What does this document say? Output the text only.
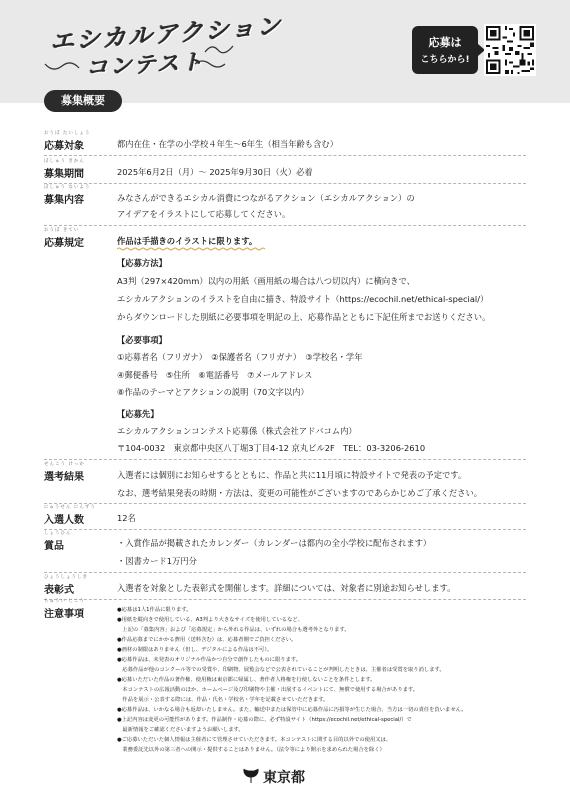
エシカルアクション
コンテスト
応募は
こちらから!
募集概要
おうぼ たいしょう
応募対象	都内在住・在学の小学校４年生～6年生（相当年齢も含む）
ぼしゅう きかん
募集期間	2025年6月2日（月）～ 2025年9月30日（火）必着
ぼしゅう ないよう
募集内容	みなさんができるエシカル消費につながるアクション（エシカルアクション）の
アイデアをイラストにして応募してください。
おうぼ きてい
応募規定	作品は手描きのイラストに限ります。
【応募方法】
A3判（297×420mm）以内の用紙（画用紙の場合は八つ切以内）に横向きで、
エシカルアクションのイラストを自由に描き、特設サイト（https://ecochil.net/ethical-special/）
からダウンロードした別紙に必要事項を明記の上、応募作品とともに下記住所までお送りください。
【必要事項】
①応募者名（フリガナ）　②保護者名（フリガナ）　③学校名・学年
④郵便番号　⑤住所　⑥電話番号　⑦メールアドレス
⑧作品のテーマとアクションの説明（70文字以内）
【応募先】
エシカルアクションコンテスト応募係（株式会社アドバコム内）
〒104-0032　東京都中央区八丁堀3丁目4-12 京丸ビル2F　TEL：03-3206-2610
せんこう けっか
選考結果	入選者には個別にお知らせするとともに、作品と共に11月頃に特設サイトで発表の予定です。
なお、選考結果発表の時期・方法は、変更の可能性がございますのであらかじめご了承ください。
にゅうせん にんずう
入選人数	12名
しょうひん
賞品	・入賞作品が掲載されたカレンダー（カレンダーは都内の全小学校に配布されます）
・図書カード1万円分
ひょうしょうしき
表彰式	入選者を対象とした表彰式を開催します。詳細については、対象者に別途お知らせします。
ちゅうい じこう
注意事項	●応募は1人1作品に限ります。
●用紙を縦向きで使用している、A3判より大きなサイズを使用しているなど、
　上記の「募集内容」および「応募規定」から外れる作品は、いずれの場合も選考外となります。
●作品応募までにかかる費用（送料含む）は、応募者側でご負担ください。
●画材の制限はありません（但し、デジタルによる作品は不可）。
●応募作品は、未発表のオリジナル作品かつ自分で創作したものに限ります。
　応募作品が他のコンクール等での受賞や、印刷物、展覧会などで公表されていることが判明したときは、主催者は受賞を取り消します。
●応募いただいた作品の著作権、使用権は東京都に帰属し、著作者人格権を行使しないことを条件とします。
　本コンテストの広報活動のほか、ホームページ及び印刷物や主催・出展するイベントにて、無償で使用する場合があります。
　作品を展示・公表する際には、作品・氏名・学校名・学年を記載させていただきます。
●応募作品は、いかなる場合も返却いたしません。また、輸送中または保管中に応募作品に汚損等が生じた場合、当方は一切の責任を負いません。
●上記内容は変更の可能性があります。作品制作・応募の際に、必ず特設サイト（https://ecochil.net/ethical-special/）で
　最新情報をご確認くださいますようお願いします。
●ご応募いただいた個人情報は主催者にて管理させていただきます。本コンテストに関する目的以外での使用又は、
　業務委託先以外の第三者への開示・提供することはありません。（法令等により開示を求められた場合を除く）
東京都
